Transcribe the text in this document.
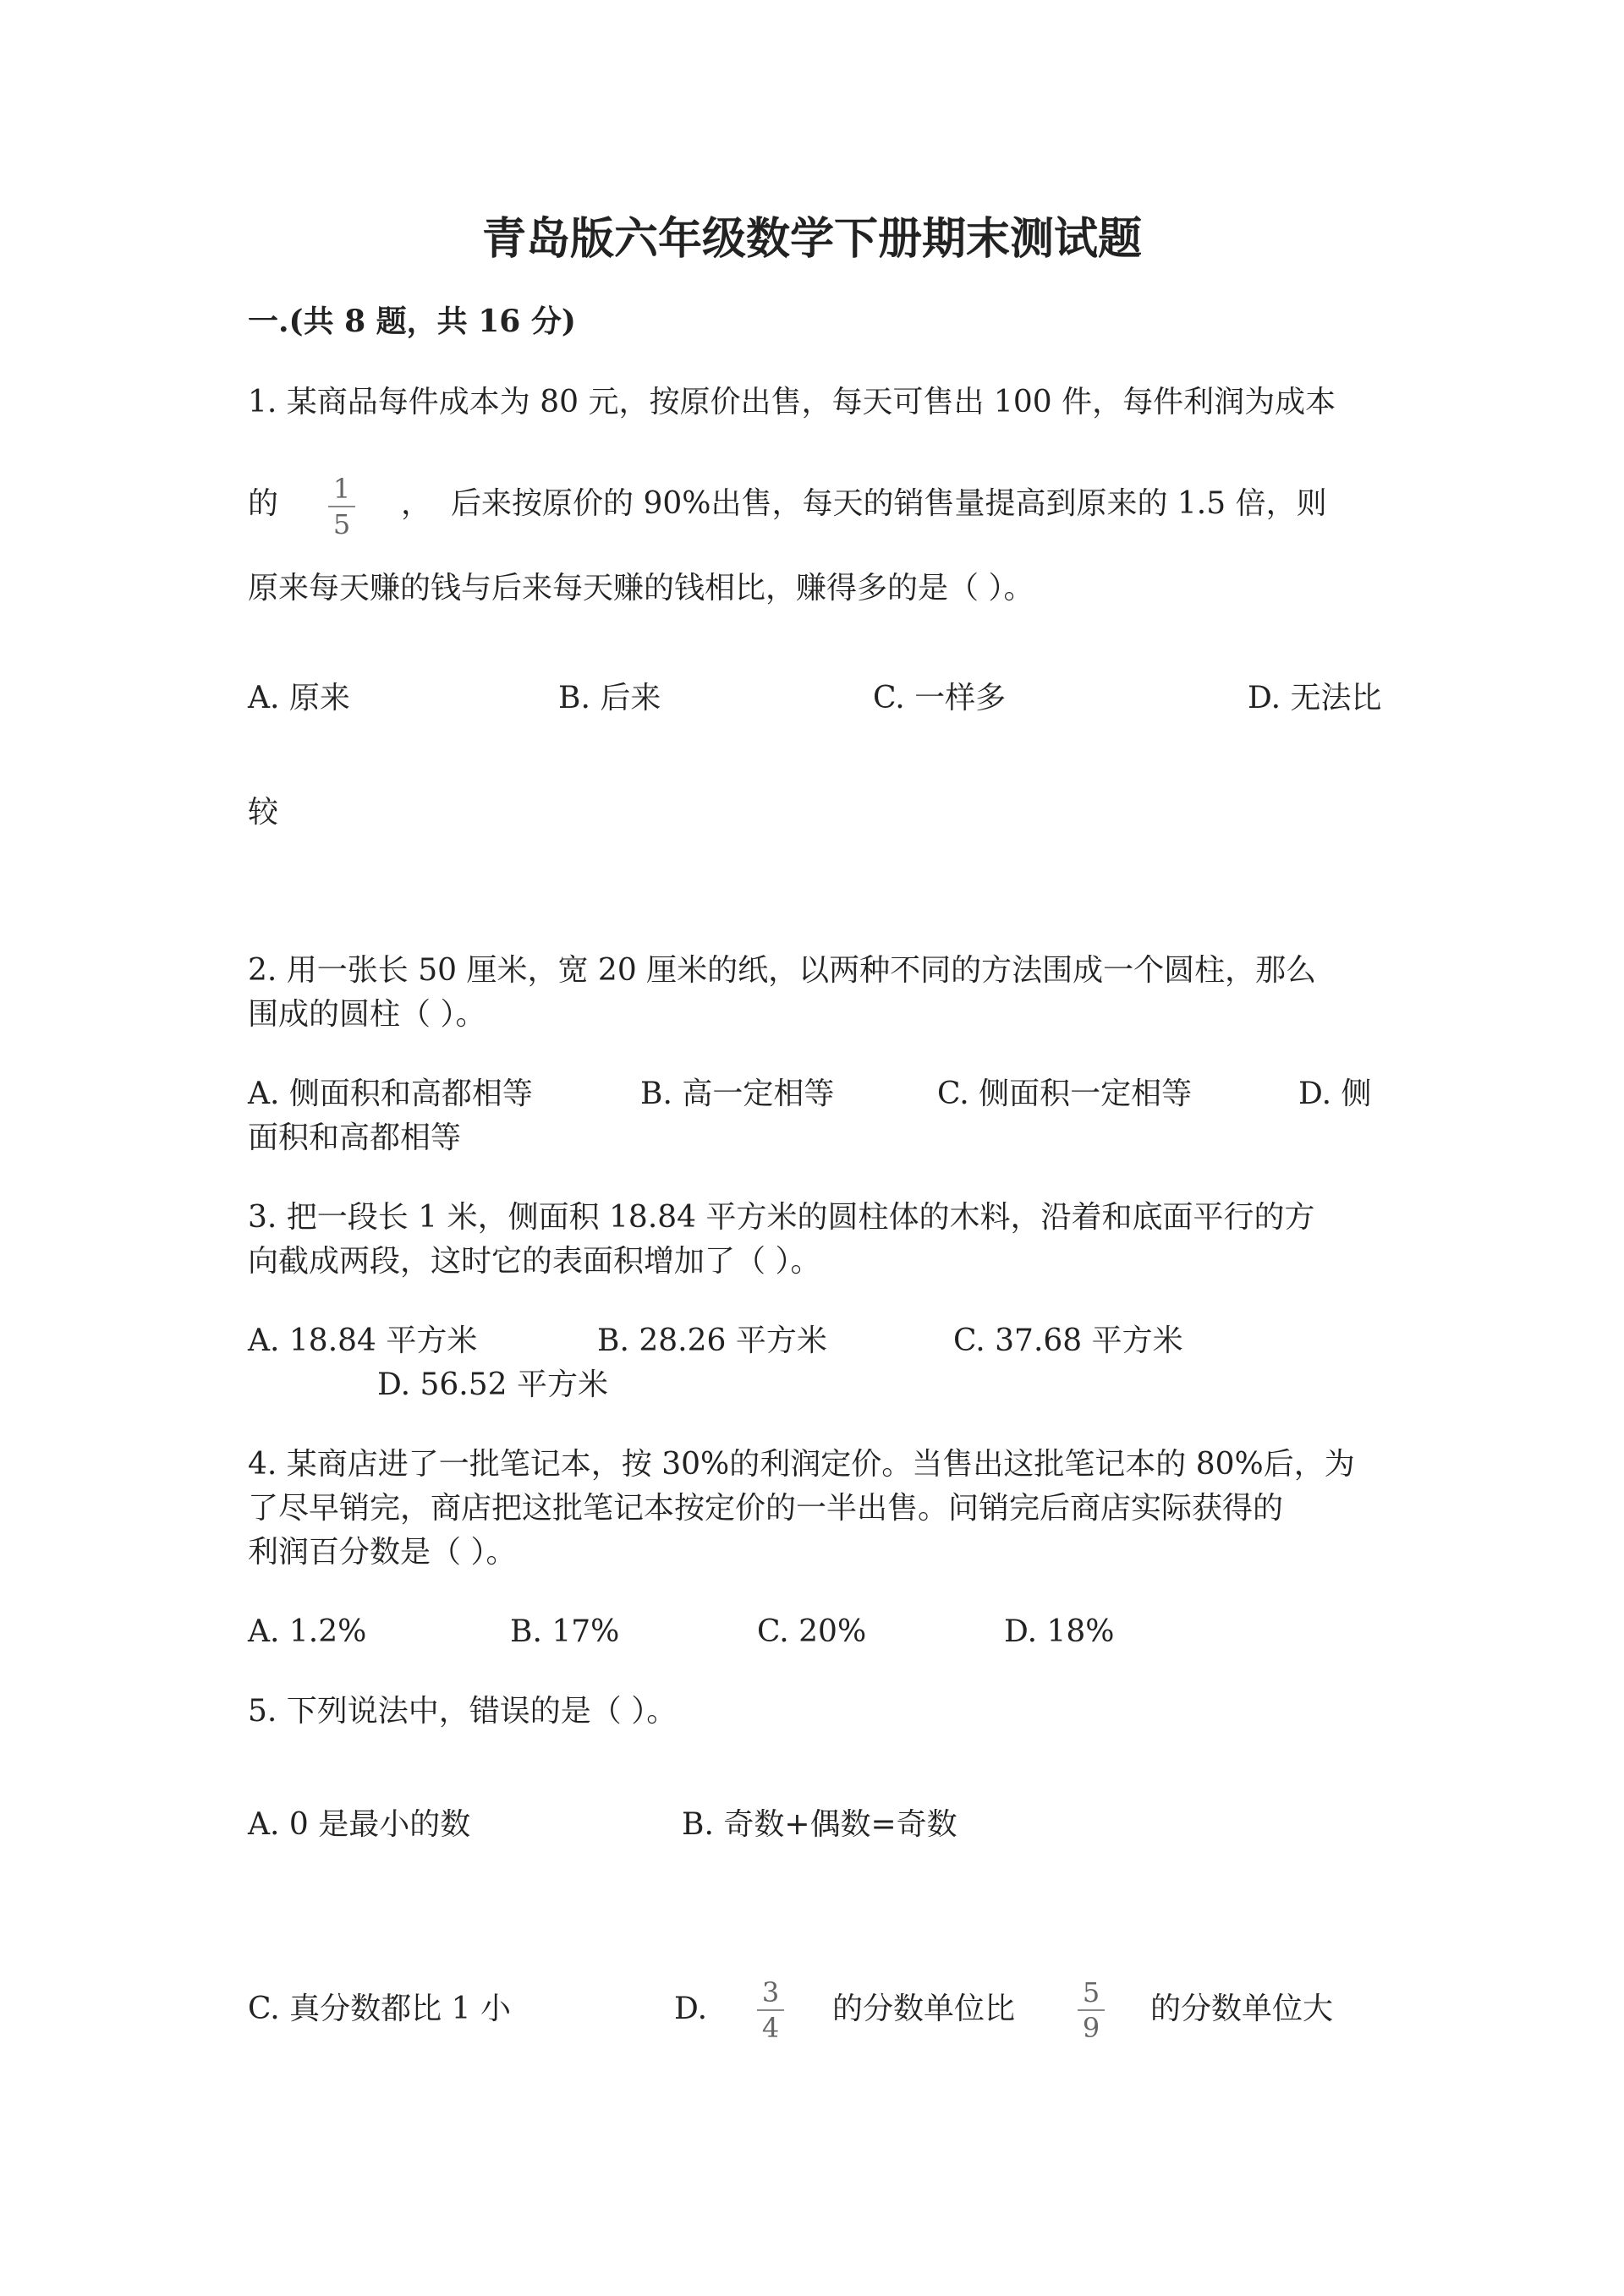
青岛版六年级数学下册期末测试题
一.(共 8 题，共 16 分)
1. 某商品每件成本为 80 元，按原价出售，每天可售出 100 件，每件利润为成本
的	1
5
， 后来按原价的 90%出售，每天的销售量提高到原来的 1.5 倍，则
原来每天赚的钱与后来每天赚的钱相比，赚得多的是（ ）。
A. 原来	B. 后来	C. 一样多	D. 无法比
较
2. 用一张长 50 厘米，宽 20 厘米的纸，以两种不同的方法围成一个圆柱，那么
围成的圆柱（ ）。
A. 侧面积和高都相等	B. 高一定相等	C. 侧面积一定相等	D. 侧
面积和高都相等
3. 把一段长 1 米，侧面积 18.84 平方米的圆柱体的木料，沿着和底面平行的方
向截成两段，这时它的表面积增加了（ ）。
A. 18.84 平方米	B. 28.26 平方米	C. 37.68 平方米
D. 56.52 平方米
4. 某商店进了一批笔记本，按 30%的利润定价。当售出这批笔记本的 80%后，为
了尽早销完，商店把这批笔记本按定价的一半出售。问销完后商店实际获得的
利润百分数是（ ）。
A. 1.2%	B. 17%	C. 20%	D. 18%
5. 下列说法中，错误的是（ ）。
A. 0 是最小的数	B. 奇数+偶数=奇数
C. 真分数都比 1 小	D.	3
4
的分数单位比	5
9
的分数单位大
